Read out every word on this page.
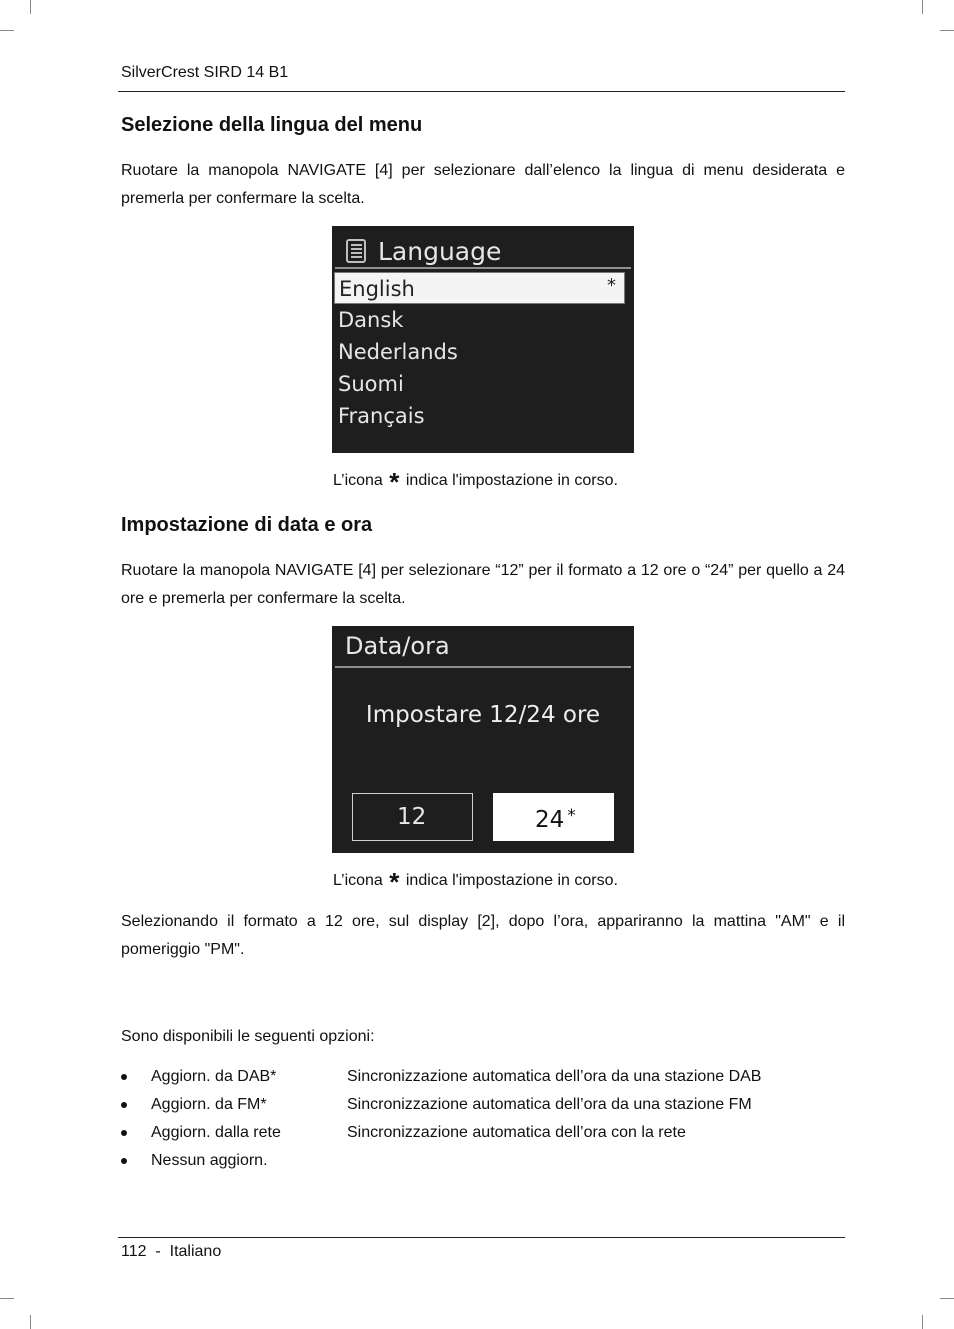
SilverCrest SIRD 14 B1
Selezione della lingua del menu
Ruotare la manopola NAVIGATE [4] per selezionare dall’elenco la lingua di menu desiderata e premerla per confermare la scelta.
Language
English	*
Dansk
Nederlands
Suomi
Français
L’icona * indica l'impostazione in corso.
Impostazione di data e ora
Ruotare la manopola NAVIGATE [4] per selezionare “12” per il formato a 12 ore o “24” per quello a 24 ore e premerla per confermare la scelta.
Data/ora
Impostare 12/24 ore
12	24 *
L’icona * indica l'impostazione in corso.
Selezionando il formato a 12 ore, sul display [2], dopo l’ora, appariranno la mattina "AM" e il pomeriggio "PM".
Sono disponibili le seguenti opzioni:
Aggiorn. da DAB*	Sincronizzazione automatica dell’ora da una stazione DAB
Aggiorn. da FM*	Sincronizzazione automatica dell’ora da una stazione FM
Aggiorn. dalla rete	Sincronizzazione automatica dell’ora con la rete
Nessun aggiorn.
112  -  Italiano
